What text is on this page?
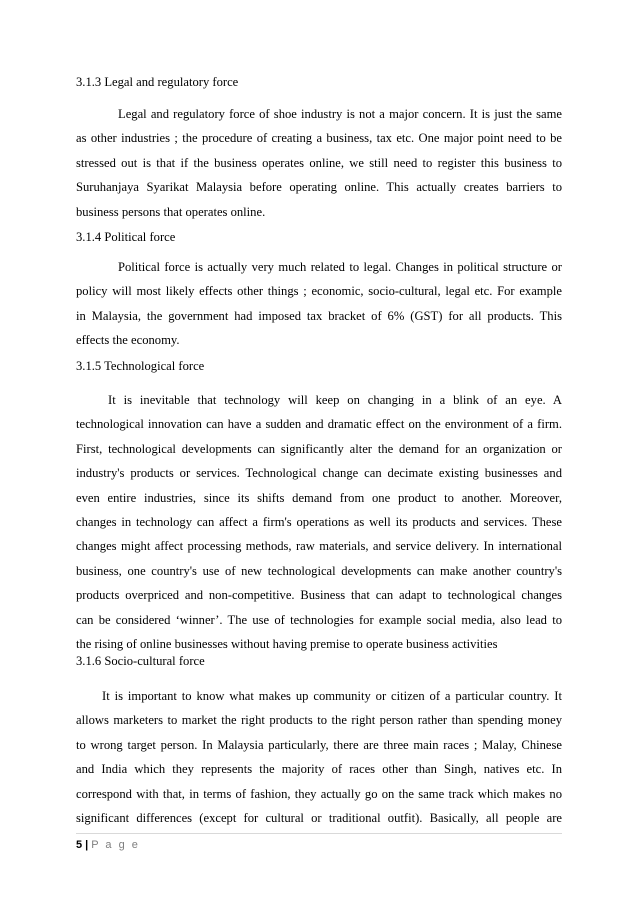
3.1.3 Legal and regulatory force
Legal and regulatory force of shoe industry is not a major concern. It is just the same
as other industries ; the procedure of creating a business, tax etc. One major point need to be
stressed out is that if the business operates online, we still need to register this business to
Suruhanjaya Syarikat Malaysia before operating online. This actually creates barriers to
business persons that operates online.
3.1.4 Political force
Political force is actually very much related to legal. Changes in political structure or
policy will most likely effects other things ; economic, socio-cultural, legal etc. For example
in Malaysia, the government had imposed tax bracket of 6% (GST) for all products. This
effects the economy.
3.1.5 Technological force
It is inevitable that technology will keep on changing in a blink of an eye. A
technological innovation can have a sudden and dramatic effect on the environment of a firm.
First, technological developments can significantly alter the demand for an organization or
industry's products or services. Technological change can decimate existing businesses and
even entire industries, since its shifts demand from one product to another. Moreover,
changes in technology can affect a firm's operations as well its products and services. These
changes might affect processing methods, raw materials, and service delivery. In international
business, one country's use of new technological developments can make another country's
products overpriced and non-competitive. Business that can adapt to technological changes
can be considered ‘winner’. The use of technologies for example social media, also lead to
the rising of online businesses without having premise to operate business activities
3.1.6 Socio-cultural force
It is important to know what makes up community or citizen of a particular country. It
allows marketers to market the right products to the right person rather than spending money
to wrong target person. In Malaysia particularly, there are three main races ; Malay, Chinese
and India which they represents the majority of races other than Singh, natives etc. In
correspond with that, in terms of fashion, they actually go on the same track which makes no
significant differences (except for cultural or traditional outfit). Basically, all people are
5 | P a g e
